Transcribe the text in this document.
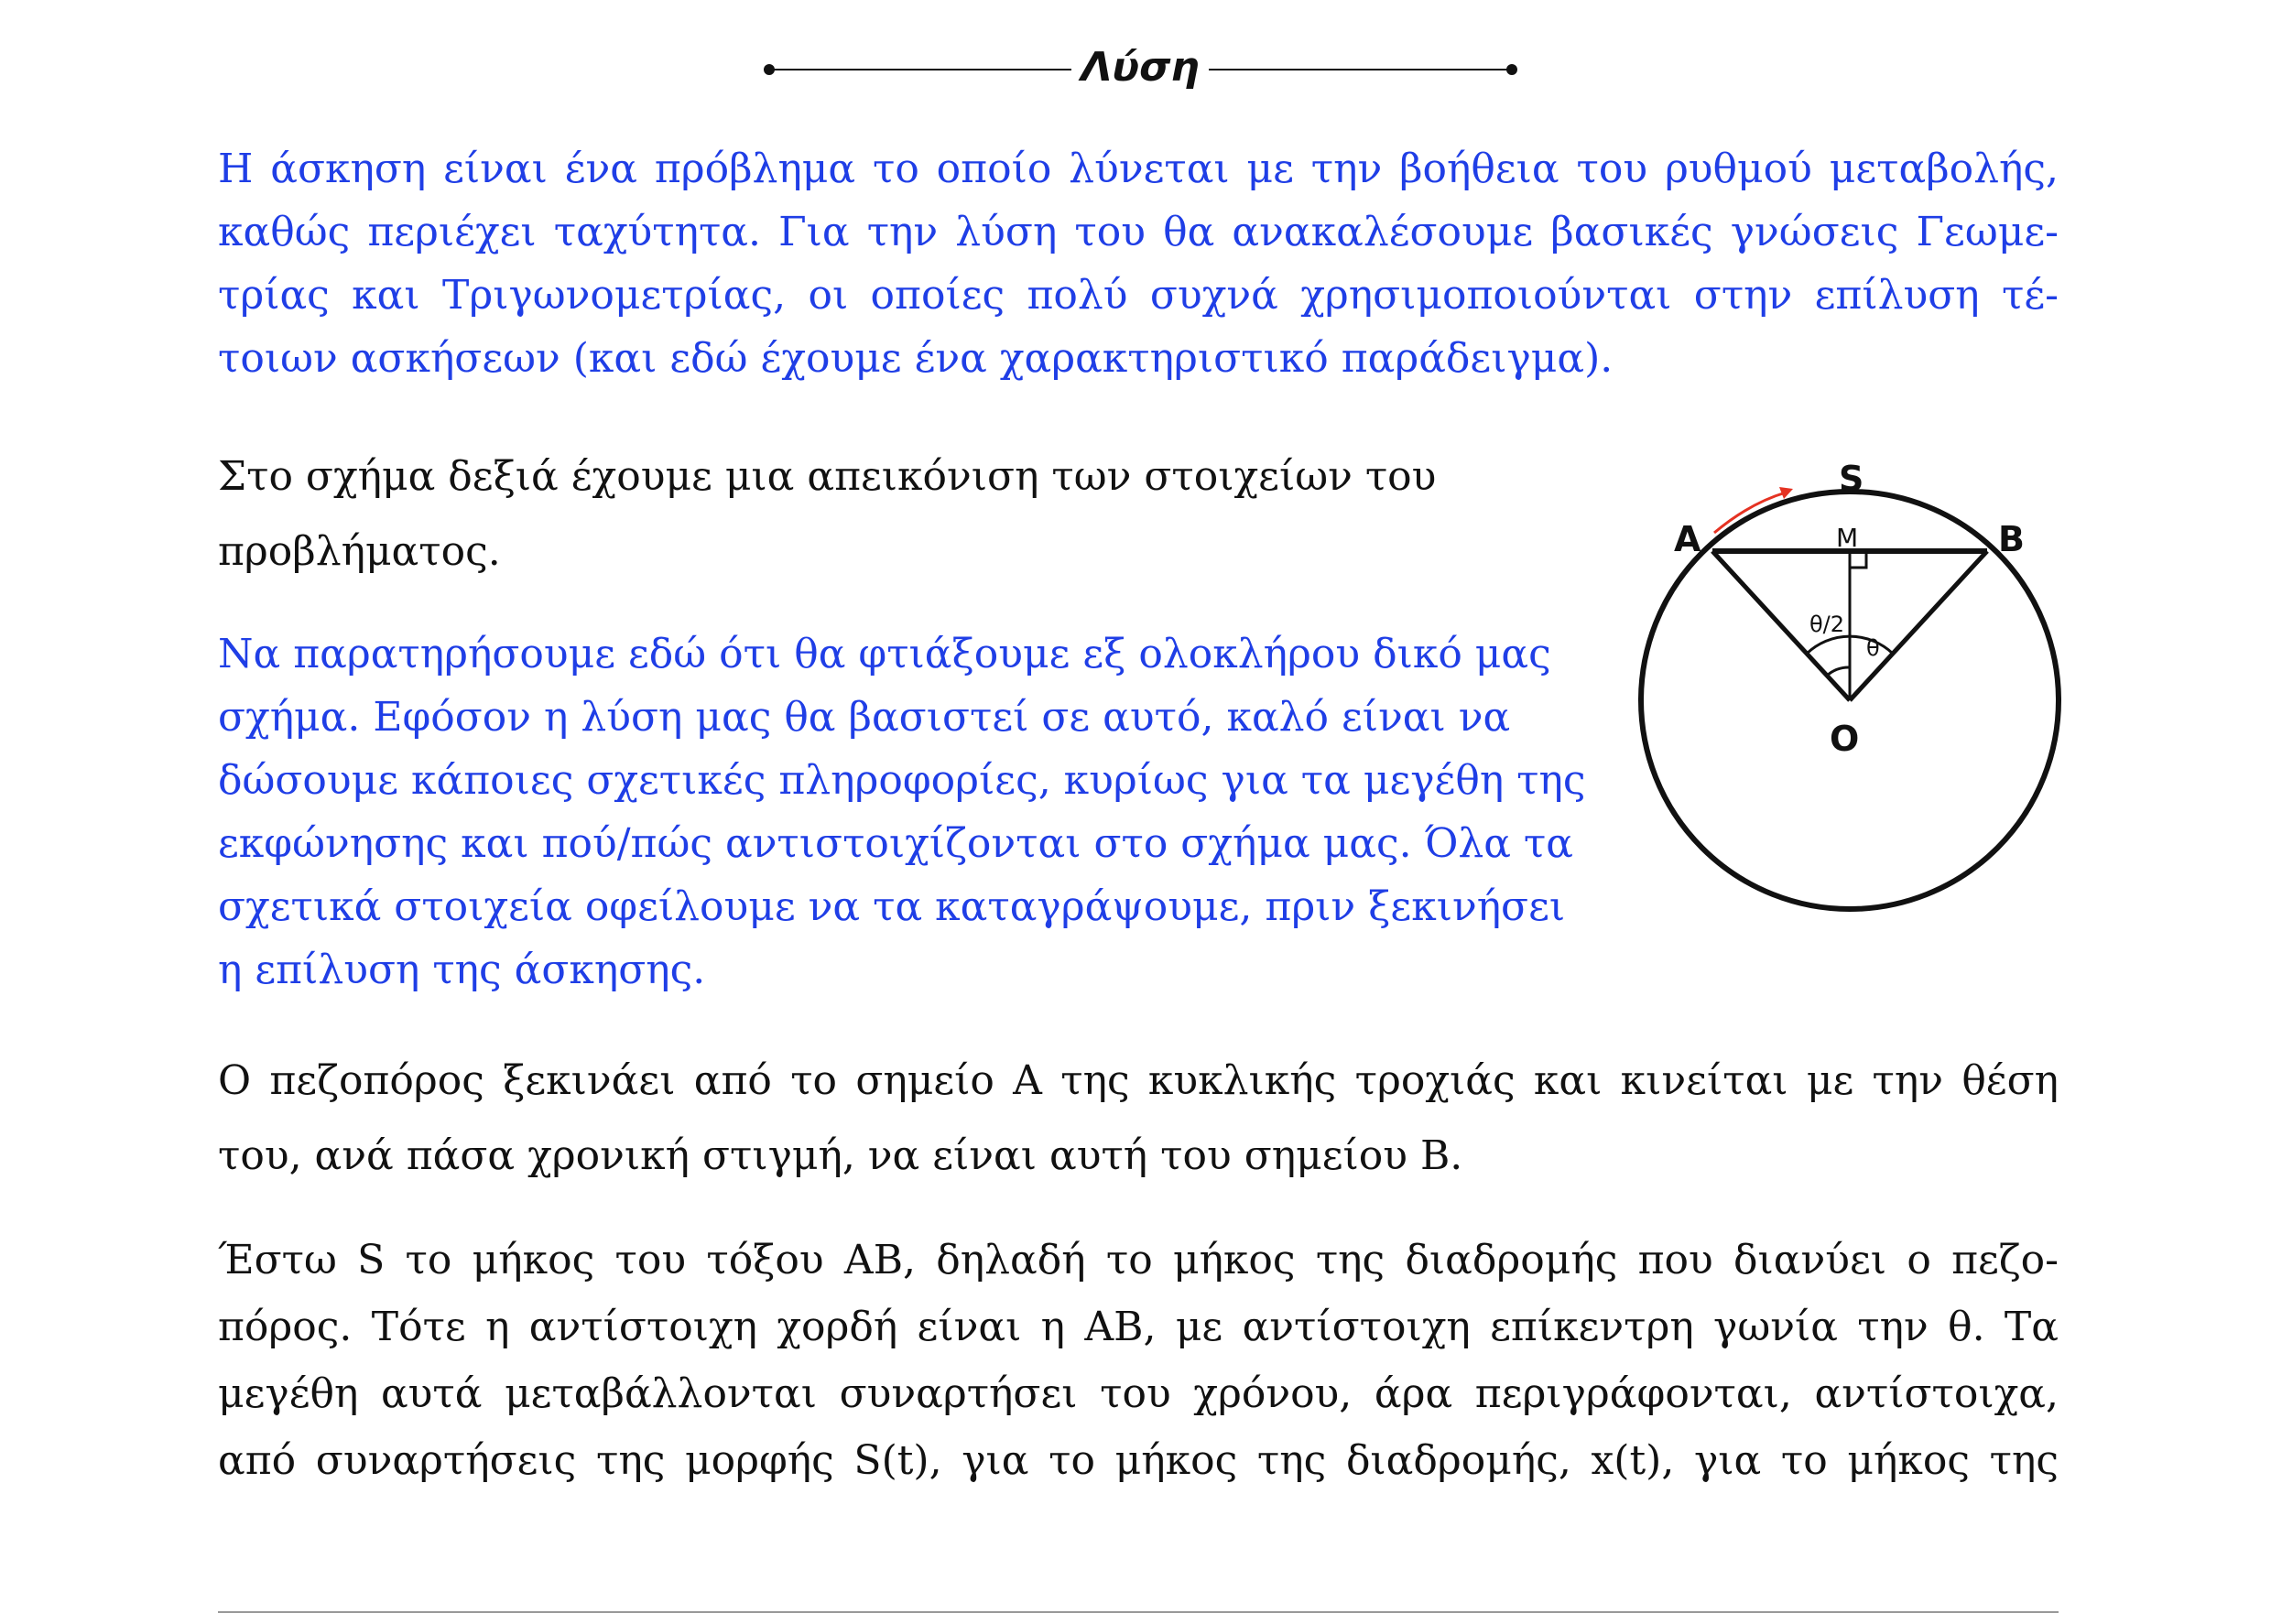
Λύση

Η άσκηση είναι ένα πρόβλημα το οποίο λύνεται με την βοήθεια του ρυθμού μεταβολής,
καθώς περιέχει ταχύτητα. Για την λύση του θα ανακαλέσουμε βασικές γνώσεις Γεωμε-
τρίας και Τριγωνομετρίας, οι οποίες πολύ συχνά χρησιμοποιούνται στην επίλυση τέ-
τοιων ασκήσεων (και εδώ έχουμε ένα χαρακτηριστικό παράδειγμα).

Στο σχήμα δεξιά έχουμε μια απεικόνιση των στοιχείων του
προβλήματος.

Να παρατηρήσουμε εδώ ότι θα φτιάξουμε εξ ολοκλήρου δικό μας
σχήμα. Εφόσον η λύση μας θα βασιστεί σε αυτό, καλό είναι να
δώσουμε κάποιες σχετικές πληροφορίες, κυρίως για τα μεγέθη της
εκφώνησης και πού/πώς αντιστοιχίζονται στο σχήμα μας. Όλα τα
σχετικά στοιχεία οφείλουμε να τα καταγράψουμε, πριν ξεκινήσει
η επίλυση της άσκησης.

S
A	B
M
O
θ/2
θ

Ο πεζοπόρος ξεκινάει από το σημείο A της κυκλικής τροχιάς και κινείται με την θέση
του, ανά πάσα χρονική στιγμή, να είναι αυτή του σημείου B.

Έστω S το μήκος του τόξου AB, δηλαδή το μήκος της διαδρομής που διανύει ο πεζο-
πόρος. Τότε η αντίστοιχη χορδή είναι η AB, με αντίστοιχη επίκεντρη γωνία την θ. Τα
μεγέθη αυτά μεταβάλλονται συναρτήσει του χρόνου, άρα περιγράφονται, αντίστοιχα,
από συναρτήσεις της μορφής S(t), για το μήκος της διαδρομής, x(t), για το μήκος της
